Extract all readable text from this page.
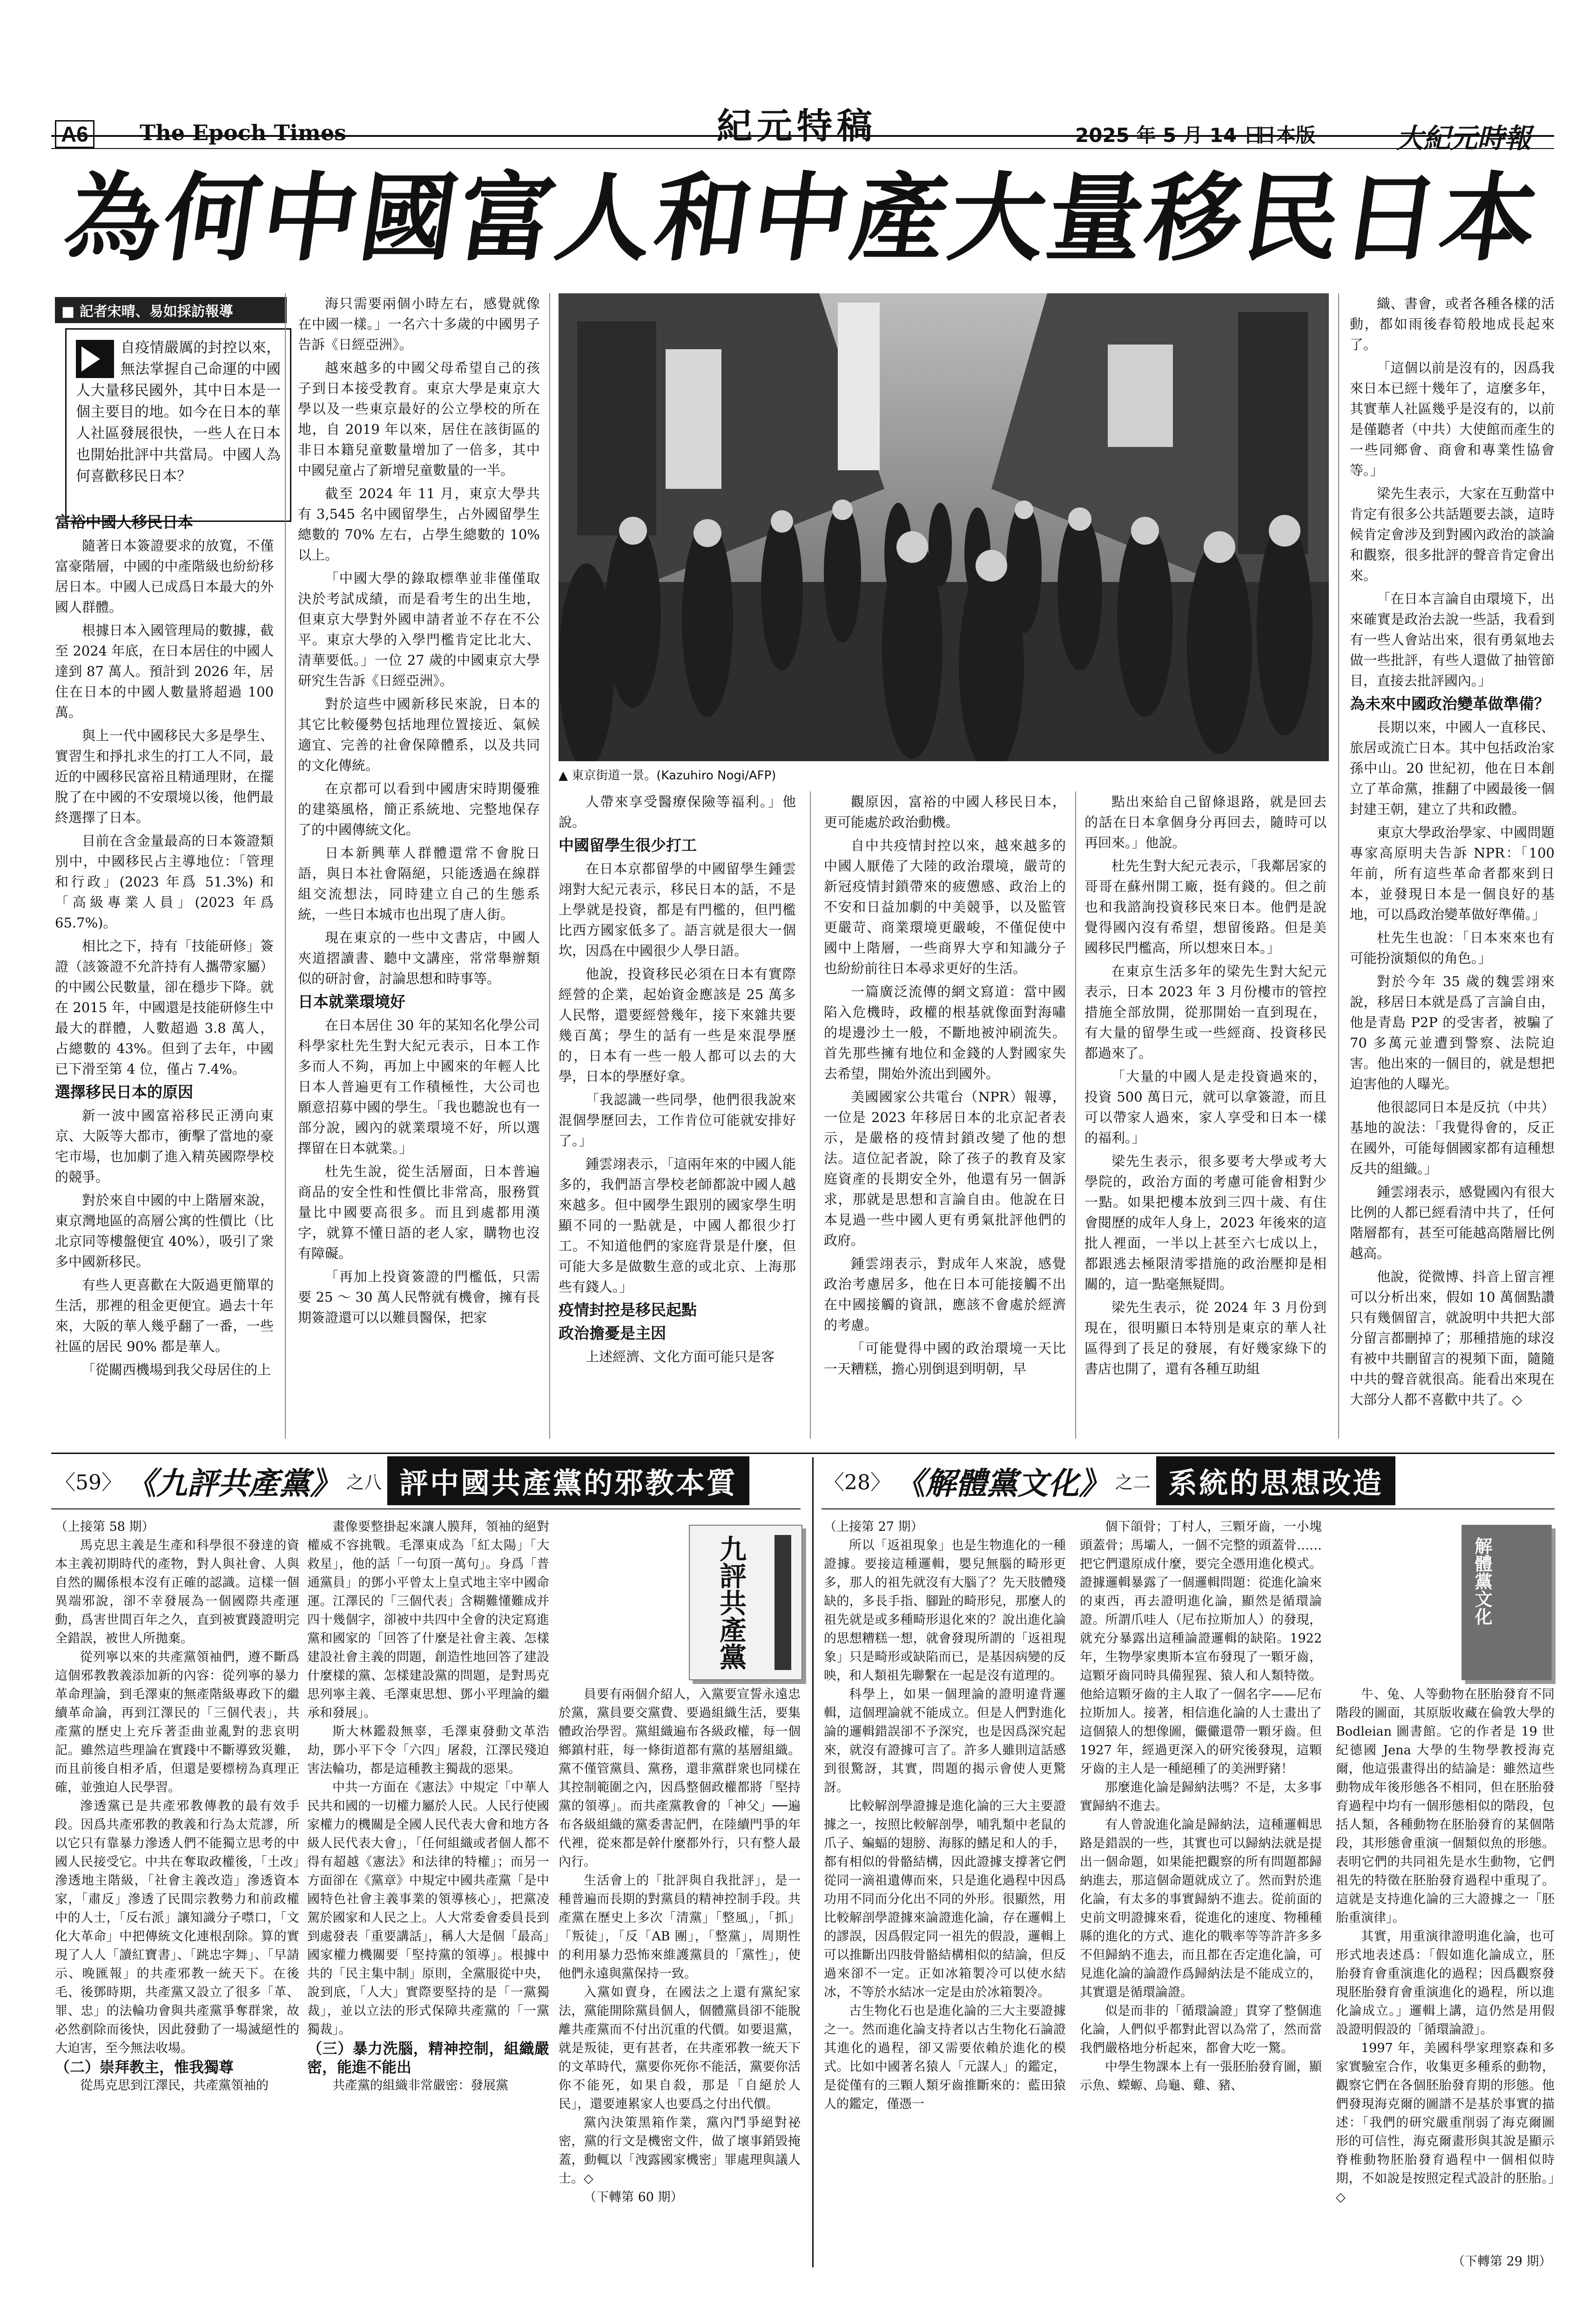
A6 The Epoch Times	紀元特稿	2025 年 5 月 14 日
日本版	大紀元時報
為何中國富人和中產大量移民日本
■ 記者宋晴、易如採訪報導
自疫情嚴厲的封控以來，無法掌握自己命運的中國人大量移民國外，其中日本是一個主要目的地。如今在日本的華人社區發展很快，一些人在日本也開始批評中共當局。中國人為何喜歡移民日本？
▲ 東京街道一景。(Kazuhiro Nogi/AFP)

富裕中國人移民日本

隨著日本簽證要求的放寬，不僅富豪階層，中國的中產階級也紛紛移居日本。中國人已成爲日本最大的外國人群體。

根據日本入國管理局的數據，截至 2024 年底，在日本居住的中國人達到 87 萬人。預計到 2026 年，居住在日本的中國人數量將超過 100 萬。

與上一代中國移民大多是學生、實習生和掙扎求生的打工人不同，最近的中國移民富裕且精通理財，在擺脫了在中國的不安環境以後，他們最終選擇了日本。

目前在含金量最高的日本簽證類別中，中國移民占主導地位：「管理和行政」(2023 年爲 51.3%) 和「高級專業人員」(2023 年爲 65.7%)。

相比之下，持有「技能研修」簽證（該簽證不允許持有人攜帶家屬）的中國公民數量，卻在穩步下降。就在 2015 年，中國還是技能研修生中最大的群體，人數超過 3.8 萬人，占總數的 43%。但到了去年，中國已下滑至第 4 位，僅占 7.4%。

選擇移民日本的原因

新一波中國富裕移民正湧向東京、大阪等大都市，衝擊了當地的豪宅市場，也加劇了進入精英國際學校的競爭。

對於來自中國的中上階層來說，東京灣地區的高層公寓的性價比（比北京同等樓盤便宜 40%），吸引了衆多中國新移民。

有些人更喜歡在大阪過更簡單的生活，那裡的租金更便宜。過去十年來，大阪的華人幾乎翻了一番，一些社區的居民 90% 都是華人。

「從關西機場到我父母居住的上

海只需要兩個小時左右，感覺就像在中國一樣。」一名六十多歲的中國男子告訴《日經亞洲》。

越來越多的中國父母希望自己的孩子到日本接受教育。東京大學是東京大學以及一些東京最好的公立學校的所在地，自 2019 年以來，居住在該街區的非日本籍兒童數量增加了一倍多，其中中國兒童占了新增兒童數量的一半。

截至 2024 年 11 月，東京大學共有 3,545 名中國留學生，占外國留學生總數的 70% 左右，占學生總數的 10% 以上。

「中國大學的錄取標準並非僅僅取決於考試成績，而是看考生的出生地，但東京大學對外國申請者並不存在不公平。東京大學的入學門檻肯定比北大、清華要低。」一位 27 歲的中國東京大學研究生告訴《日經亞洲》。

對於這些中國新移民來說，日本的其它比較優勢包括地理位置接近、氣候適宜、完善的社會保障體系，以及共同的文化傳統。

在京都可以看到中國唐宋時期優雅的建築風格，簡正系統地、完整地保存了的中國傳統文化。

日本新興華人群體還常不會脫日語，與日本社會隔絕，只能透過在線群組交流想法，同時建立自己的生態系統，一些日本城市也出現了唐人街。

現在東京的一些中文書店，中國人夾道摺讀書、聽中文講座，常常舉辦類似的研討會，討論思想和時事等。

日本就業環境好

在日本居住 30 年的某知名化學公司科學家杜先生對大紀元表示，日本工作多而人不夠，再加上中國來的年輕人比日本人普遍更有工作積極性，大公司也願意招募中國的學生。「我也聽說也有一部分說，國內的就業環境不好，所以選擇留在日本就業。」

杜先生說，從生活層面，日本普遍商品的安全性和性價比非常高，服務質量比中國要高很多。而且到處都用漢字，就算不懂日語的老人家，購物也沒有障礙。

「再加上投資簽證的門檻低，只需要 25 ～ 30 萬人民幣就有機會，擁有長期簽證還可以以難員醫保，把家

人帶來享受醫療保險等福利。」他說。

中國留學生很少打工

在日本京都留學的中國留學生鍾雲翊對大紀元表示，移民日本的話，不是上學就是投資，都是有門檻的，但門檻比西方國家低多了。語言就是很大一個坎，因爲在中國很少人學日語。

他說，投資移民必須在日本有實際經營的企業，起始資金應該是 25 萬多人民幣，還要經營幾年，接下來雜共要幾百萬；學生的話有一些是來混學歷的，日本有一些一般人都可以去的大學，日本的學歷好拿。

「我認識一些同學，他們很我說來混個學歷回去，工作肯位可能就安排好了。」

鍾雲翊表示，「這兩年來的中國人能多的，我們語言學校老師都說中國人越來越多。但中國學生跟別的國家學生明顯不同的一點就是，中國人都很少打工。不知道他們的家庭背景是什麼，但可能大多是做數生意的或北京、上海那些有錢人。」

疫情封控是移民起點

政治擔憂是主因

上述經濟、文化方面可能只是客

觀原因，富裕的中國人移民日本，更可能處於政治動機。

自中共疫情封控以來，越來越多的中國人厭倦了大陸的政治環境，嚴苛的新冠疫情封鎖帶來的疲憊感、政治上的不安和日益加劇的中美競爭，以及監管更嚴苛、商業環境更嚴峻，不僅促使中國中上階層，一些商界大亨和知識分子也紛紛前往日本尋求更好的生活。

一篇廣泛流傳的網文寫道：當中國陷入危機時，政權的根基就像面對海嘯的堤邊沙土一般，不斷地被沖刷流失。首先那些擁有地位和金錢的人對國家失去希望，開始外流出到國外。

美國國家公共電台（NPR）報導，一位是 2023 年移居日本的北京記者表示，是嚴格的疫情封鎖改變了他的想法。這位記者說，除了孩子的教育及家庭資產的長期安全外，他還有另一個訴求，那就是思想和言論自由。他說在日本見過一些中國人更有勇氣批評他們的政府。

鍾雲翊表示，對成年人來說，感覺政治考慮居多，他在日本可能接觸不出在中國接觸的資訊，應該不會處於經濟的考慮。

「可能覺得中國的政治環境一天比一天糟糕，擔心別倒退到明朝，早

點出來給自己留條退路，就是回去的話在日本拿個身分再回去，隨時可以再回來。」他說。

杜先生對大紀元表示，「我鄰居家的哥哥在蘇州開工廠，挺有錢的。但之前也和我諮詢投資移民來日本。他們是說覺得國內沒有希望，想留後路。但是美國移民門檻高，所以想來日本。」

在東京生活多年的梁先生對大紀元表示，日本 2023 年 3 月份樓市的管控措施全部放開，從那開始一直到現在，有大量的留學生或一些經商、投資移民都過來了。

「大量的中國人是走投資過來的，投資 500 萬日元，就可以拿簽證，而且可以帶家人過來，家人享受和日本一樣的福利。」

梁先生表示，很多要考大學或考大學院的，政治方面的考慮可能會相對少一點。如果把樓本放到三四十歲、有住會閱歷的成年人身上，2023 年後來的這批人裡面，一半以上甚至六七成以上，都跟逃去極限清零措施的政治壓抑是相關的，這一點毫無疑問。

梁先生表示，從 2024 年 3 月份到現在，很明顯日本特別是東京的華人社區得到了長足的發展，有好幾家綠下的書店也開了，還有各種互助組

織、書會，或者各種各樣的活動，都如雨後春筍般地成長起來了。

「這個以前是沒有的，因爲我來日本已經十幾年了，這麼多年，其實華人社區幾乎是沒有的，以前是僅聽者（中共）大使館而產生的一些同鄉會、商會和專業性協會等。」

梁先生表示，大家在互動當中肯定有很多公共話題要去談，這時候肯定會涉及到對國內政治的談論和觀察，很多批評的聲音肯定會出來。

「在日本言論自由環境下，出來確實是政治去說一些話，我看到有一些人會站出來，很有勇氣地去做一些批評，有些人還做了抽管節目，直接去批評國內。」

為未來中國政治變革做準備？

長期以來，中國人一直移民、旅居或流亡日本。其中包括政治家孫中山。20 世紀初，他在日本創立了革命黨，推翻了中國最後一個封建王朝，建立了共和政體。

東京大學政治學家、中國問題專家高原明夫告訴 NPR：「100 年前，所有這些革命者都來到日本，並發現日本是一個良好的基地，可以爲政治變革做好準備。」

杜先生也說：「日本來來也有可能扮演類似的角色。」

對於今年 35 歲的魏雲翊來說，移居日本就是爲了言論自由，他是青島 P2P 的受害者，被騙了 70 多萬元並遭到警察、法院迫害。他出來的一個目的，就是想把迫害他的人曝光。

他很認同日本是反抗（中共）基地的說法：「我覺得會的，反正在國外，可能每個國家都有這種想反共的組織。」

鍾雲翊表示，感覺國內有很大比例的人都已經看清中共了，任何階層都有，甚至可能越高階層比例越高。

他說，從微博、抖音上留言裡可以分析出來，假如 10 萬個點讚只有幾個留言，就說明中共把大部分留言都刪掉了；那種措施的球沒有被中共刪留言的視頻下面，隨隨中共的聲音就很高。能看出來現在大部分人都不喜歡中共了。◇

〈59〉 《九評共產黨》 之八 評中國共產黨的邪教本質	〈28〉 《解體黨文化》 之二 系統的思想改造
（上接第 58 期）

馬克思主義是生產和科學很不發達的資本主義初期時代的產物，對人與社會、人與自然的關係根本沒有正確的認識。這樣一個異端邪說，卻不幸發展為一個國際共產運動，爲害世間百年之久，直到被實踐證明完全錯誤，被世人所拋棄。

從列寧以來的共產黨領袖們，遵不斷爲這個邪教教義添加新的內容：從列寧的暴力革命理論，到毛澤東的無產階級專政下的繼續革命論，再到江澤民的「三個代表」，共產黨的歷史上充斥著歪曲並亂對的悲哀明記。雖然這些理論在實踐中不斷導致災難，而且前後自相矛盾，但還是要標榜為真理正確，並強迫人民學習。

滲透黨已是共產邪教傳教的最有效手段。因爲共產邪教的教義和行為太荒謬，所以它只有靠暴力滲透人們不能獨立思考的中國人民接受它。中共在奪取政權後，「土改」滲透地主階級，「社會主義改造」滲透資本家，「肅反」滲透了民間宗教勢力和前政權中的人士，「反右派」讓知識分子噤口，「文化大革命」中把傳統文化連根刮除。算的實現了人人「讀紅寶書」、「跳忠字舞」、「早請示、晚匯報」的共產邪教一統天下。在後毛、後鄧時期，共產黨又設立了很多「革、罪、忠」的法輪功會與共產黨爭奪群衆，故必然剷除而後快，因此發動了一場滅絕性的大迫害，至今無法收場。

（二）崇拜教主，惟我獨尊

從馬克思到江澤民，共產黨領袖的

畫像要整掛起來讓人膜拜，領袖的絕對權威不容挑戰。毛澤東成為「紅太陽」「大救星」，他的話「一句頂一萬句」。身爲「普通黨員」的鄧小平曾太上皇式地主宰中國命運。江澤民的「三個代表」含糊難懂難成并四十幾個字，卻被中共四中全會的決定寫進黨和國家的「回答了什麼是社會主義、怎樣建設社會主義的問題，創造性地回答了建設什麼樣的黨、怎樣建設黨的問題，是對馬克思列寧主義、毛澤東思想、鄧小平理論的繼承和發展」。

斯大林鑑殺無辜，毛澤東發動文革浩劫，鄧小平下令「六四」屠殺，江澤民殘迫害法輪功，都是這種教主獨裁的惡果。

中共一方面在《憲法》中規定「中華人民共和國的一切權力屬於人民。人民行使國家權力的機關是全國人民代表大會和地方各級人民代表大會」，「任何組織或者個人都不得有超越《憲法》和法律的特權」；而另一方面卻在《黨章》中規定中國共產黨「是中國特色社會主義事業的領導核心」，把黨凌駕於國家和人民之上。人大常委會委員長到到處發表「重要講話」，稱人大是個「最高」國家權力機關要「堅持黨的領導」。根據中共的「民主集中制」原則，全黨服從中央，說到底，「人大」實際要堅持的是「一黨獨裁」，並以立法的形式保障共產黨的「一黨獨裁」。

（三）暴力洗腦，精神控制，組織嚴密，能進不能出

共產黨的組織非常嚴密：發展黨

九評共產黨

員要有兩個介紹人，入黨要宣誓永遠忠於黨，黨員要交黨費、要過組織生活，要集體政治學習。黨組織遍布各級政權，每一個鄉鎮村莊，每一條街道都有黨的基層組織。黨不僅管黨員、黨務，還非黨群衆也同樣在其控制範圍之內，因爲整個政權都將「堅持黨的領導」。而共產黨教會的「神父」──遍布各級組織的黨委書記們，在陸續門爭的年代裡，從來都是幹什麼都外行，只有整人最內行。

生活會上的「批評與自我批評」，是一種普遍而長期的對黨員的精神控制手段。共產黨在歷史上多次「清黨」「整風」，「抓」「叛徒」，「反「AB 團」，「整黨」，周期性的利用暴力恐怖來維護黨員的「黨性」，使他們永遠與黨保持一致。

入黨如賣身，在國法之上還有黨紀家法，黨能開除黨員個人，個體黨員卻不能脫離共產黨而不付出沉重的代價。如要退黨，就是叛徒，更有甚者，在共產邪教一統天下的文革時代，黨要你死你不能活，黨要你活你不能死，如果自殺，那是「自絕於人民」，還要連累家人也要爲之付出代價。

黨內決策黑箱作業，黨內鬥爭絕對祕密，黨的行文是機密文件，做了壞事銷毀掩蓋，動輒以「洩露國家機密」罪處理與議人士。◇

（下轉第 60 期）

（上接第 27 期）

所以「返祖現象」也是生物進化的一種證據。要接這種邏輯，嬰兒無腦的畸形更多，那人的祖先就沒有大腦了？先天肢體殘缺的，多長手指、腳趾的畸形兒，那麼人的祖先就是或多種畸形退化來的？說出進化論的思想糟糕一想，就會發現所謂的「返祖現象」只是畸形或缺陷而已，是基因病變的反映，和人類祖先聯繫在一起是沒有道理的。

科學上，如果一個理論的證明違背邏輯，這個理論就不能成立。但是人們對進化論的邏輯錯誤卻不予深究，也是因爲深究起來，就沒有證據可言了。許多人雖則這話感到很驚訝，其實，問題的揭示會使人更驚訝。

比較解剖學證據是進化論的三大主要證據之一，按照比較解剖學，哺乳類中老鼠的爪子、蝙蝠的翅膀、海豚的鰭足和人的手，都有相似的骨骼結構，因此證據支撐著它們從同一滴祖遺傳而來，只是進化過程中因爲功用不同而分化出不同的外形。很顯然，用比較解剖學證據來論證進化論，存在邏輯上的謬誤，因爲假定同一祖先的假設，邏輯上可以推斷出四肢骨骼結構相似的結論，但反過來卻不一定。正如冰箱製冷可以使水結冰，不等於水結冰一定是由於冰箱製冷。

古生物化石也是進化論的三大主要證據之一。然而進化論支持者以古生物化石論證其進化的過程，卻又需要依賴於進化的模式。比如中國著名猿人「元謀人」的鑑定，是從僅有的三顆人類牙齒推斷來的：藍田猿人的鑑定，僅憑一

個下頜骨；丁村人，三顆牙齒，一小塊頭蓋骨；馬壩人，一個不完整的頭蓋骨……把它們還原成什麼，要完全憑用進化模式。證據邏輯暴露了一個邏輯問題：從進化論來的東西，再去證明進化論，顯然是循環論證。所謂爪哇人（尼布拉斯加人）的發現，就充分暴露出這種論證邏輯的缺陷。1922 年，生物學家奧斯本宣布發現了一顆牙齒，這顆牙齒同時具備猩猩、猿人和人類特徵。他給這顆牙齒的主人取了一個名字——尼布拉斯加人。接著，相信進化論的人士畫出了這個猿人的想像圖，儼儼還帶一顆牙齒。但 1927 年，經過更深入的研究後發現，這顆牙齒的主人是一種絕種了的美洲野豬！

那麼進化論是歸納法嗎？不是，太多事實歸納不進去。

有人曾說進化論是歸納法，這種邏輯思路是錯誤的一些，其實也可以歸納法就是提出一個命題，如果能把觀察的所有問題都歸納進去，那這個命題就成立了。然而對於進化論，有太多的事實歸納不進去。從前面的史前文明證據來看，從進化的速度、物種種縣的進化的方式、進化的戰率等等許許多多不但歸納不進去，而且都在否定進化論，可見進化論的論證作爲歸納法是不能成立的，其實還是循環論證。

似是而非的「循環論證」貫穿了整個進化論，人們似乎都對此習以為常了，然而當我們嚴格地分析起來，都會大吃一驚。

中學生物課本上有一張胚胎發育圖，顯示魚、蠑螈、烏龜、雞、豬、

解體黨文化

牛、兔、人等動物在胚胎發育不同階段的圖面，其原版收藏在倫敦大學的 Bodleian 圖書館。它的作者是 19 世紀德國 Jena 大學的生物學教授海克爾，他這張畫得出的結論是：雖然這些動物成年後形態各不相同，但在胚胎發育過程中均有一個形態相似的階段，包括人類，各種動物在胚胎發育的某個階段，其形態會重演一個類似魚的形態。表明它們的共同祖先是水生動物，它們祖先的特徵在胚胎發育過程中重現了。這就是支持進化論的三大證據之一「胚胎重演律」。

其實，用重演律證明進化論，也可形式地表述爲：「假如進化論成立，胚胎發育會重演進化的過程；因爲觀察發現胚胎發育會重演進化的過程，所以進化論成立。」邏輯上講，這仍然是用假設證明假設的「循環論證」。

1997 年，美國科學家理察森和多家實驗室合作，收集更多種系的動物，觀察它們在各個胚胎發育期的形態。他們發現海克爾的圖譜不是基於事實的描述：「我們的研究嚴重削弱了海克爾圖形的可信性，海克爾畫形與其說是顯示脊椎動物胚胎發育過程中一個相似時期，不如說是按照定程式設計的胚胎。」◇

（下轉第 29 期）
